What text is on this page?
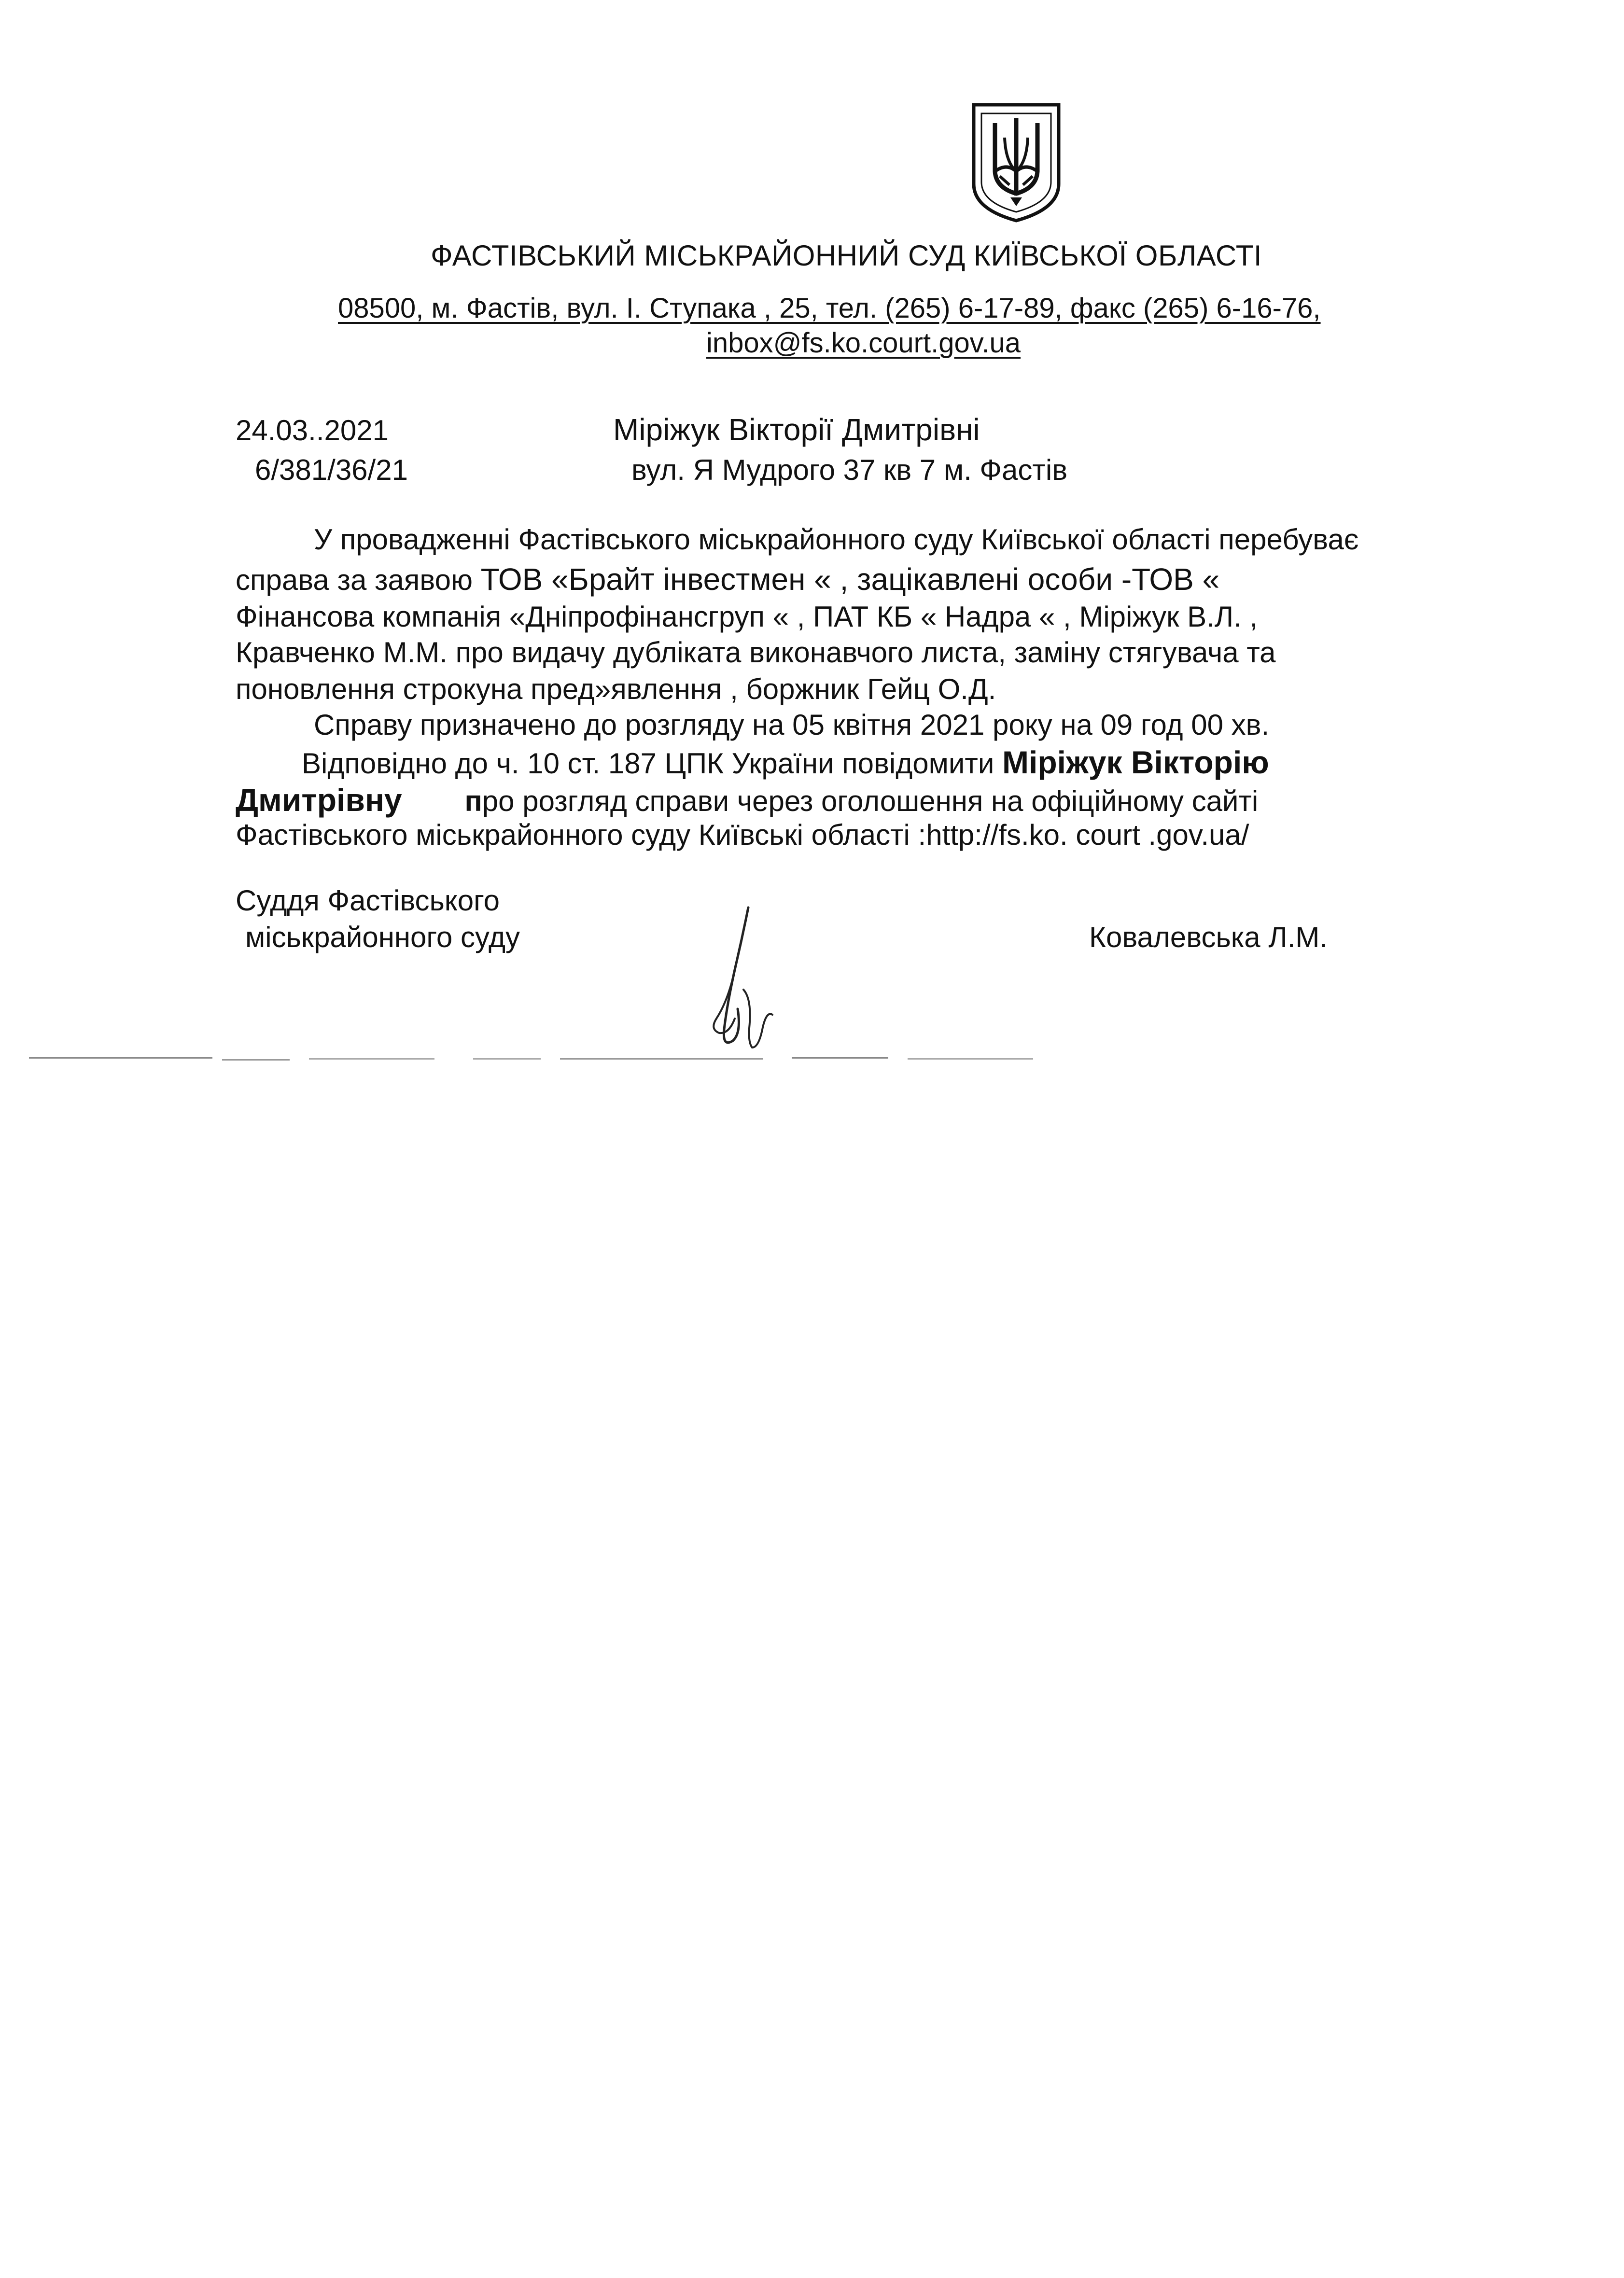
ФАСТІВСЬКИЙ МІСЬКРАЙОННИЙ СУД КИЇВСЬКОЇ ОБЛАСТІ
08500, м. Фастів, вул. І. Ступака , 25, тел. (265) 6-17-89, факс (265) 6-16-76,
inbox@fs.ko.court.gov.ua
24.03..2021
6/381/36/21
Міріжук Вікторії Дмитрівні
вул. Я Мудрого 37 кв 7 м. Фастів
У провадженні Фастівського міськрайонного суду Київської області перебуває
справа за заявою ТОВ «Брайт інвестмен « , зацікавлені особи -ТОВ «
Фінансова компанія «Дніпрофінансгруп « , ПАТ КБ « Надра « , Міріжук В.Л. ,
Кравченко М.М. про видачу дубліката виконавчого листа, заміну стягувача та
поновлення строкуна пред»явлення , боржник Гейц О.Д.
Справу призначено до розгляду на 05 квітня 2021 року на 09 год 00 хв.
Відповідно до ч. 10 ст. 187 ЦПК України повідомити Міріжук Вікторію
Дмитрівну про розгляд справи через оголошення на офіційному сайті
Фастівського міськрайонного суду Київські області :http://fs.ko. court .gov.ua/
Суддя Фастівського
міськрайонного суду	Ковалевська Л.М.
